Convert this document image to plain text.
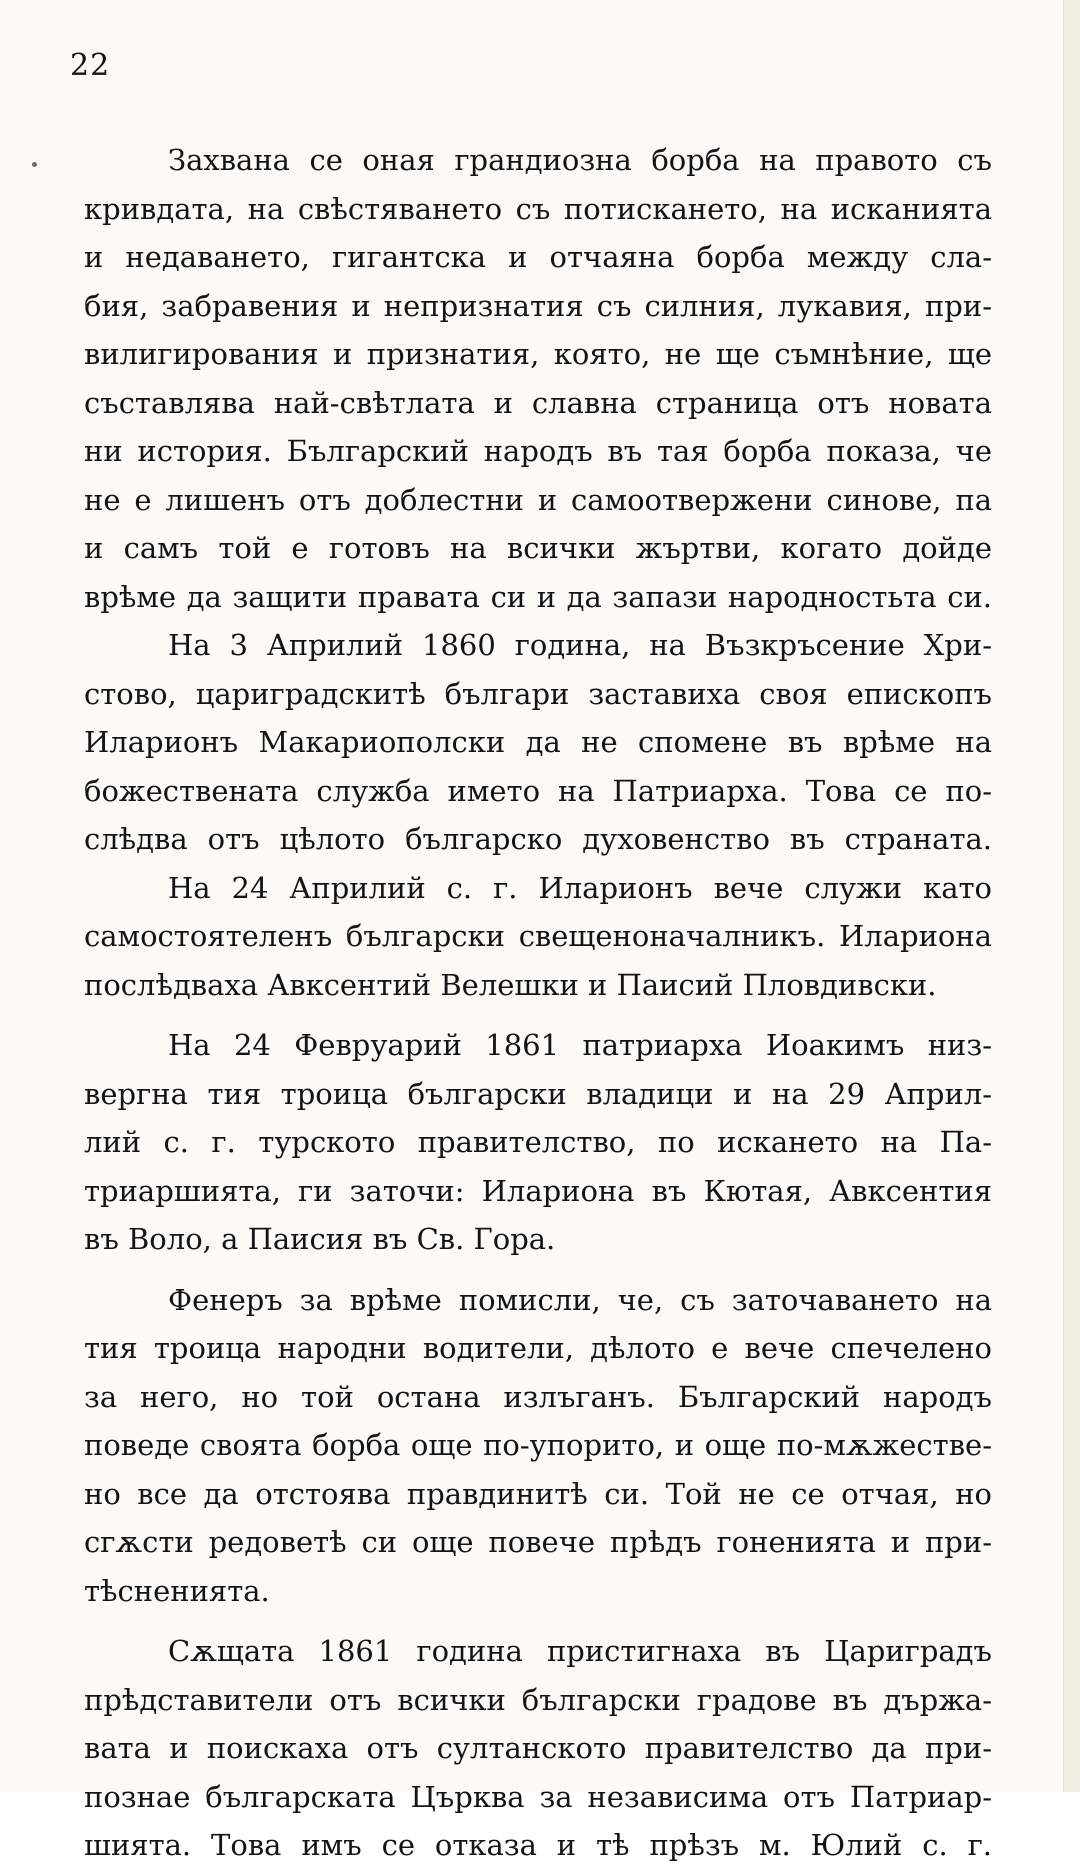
22
Захвана се оная грандиозна борба на правото съ
кривдата, на свѣстяването съ потискането, на исканията
и недаването, гигантска и отчаяна борба между сла-
бия, забравения и непризнатия съ силния, лукавия, при-
вилигирования и признатия, която, не ще съмнѣние, ще
съставлява най-свѣтлата и славна страница отъ новата
ни история. Българский народъ въ тая борба показа, че
не е лишенъ отъ доблестни и самоотвержени синове, па
и самъ той е готовъ на всички жъртви, когато дойде
врѣме да защити правата си и да запази народностьта си.
На 3 Априлий 1860 година, на Възкръсение Хри-
стово, цариградскитѣ българи заставиха своя епископъ
Иларионъ Макариополски да не спомене въ врѣме на
божествената служба името на Патриарха. Това се по-
слѣдва отъ цѣлото българско духовенство въ страната.
На 24 Априлий с. г. Иларионъ вече служи като
самостоятеленъ български свещеноначалникъ. Илариона
послѣдваха Авксентий Велешки и Паисий Пловдивски.
На 24 Февруарий 1861 патриарха Иоакимъ низ-
вергна тия троица български владици и на 29 Април-
лий с. г. турското правителство, по искането на Па-
триаршията, ги заточи: Илариона въ Кютая, Авксентия
въ Воло, а Паисия въ Св. Гора.
Фенеръ за врѣме помисли, че, съ заточаването на
тия троица народни водители, дѣлото е вече спечелено
за него, но той остана излъганъ. Българский народъ
поведе своята борба още по-упорито, и още по-мѫжестве-
но все да отстоява правдинитѣ си. Той не се отчая, но
сгѫсти редоветѣ си още повече прѣдъ гоненията и при-
тѣсненията.
Сѫщата 1861 година пристигнаха въ Цариградъ
прѣдставители отъ всички български градове въ държа-
вата и поискаха отъ султанското правителство да при-
познае българската Църква за независима отъ Патриар-
шията. Това имъ се отказа и тѣ прѣзъ м. Юлий с. г.
